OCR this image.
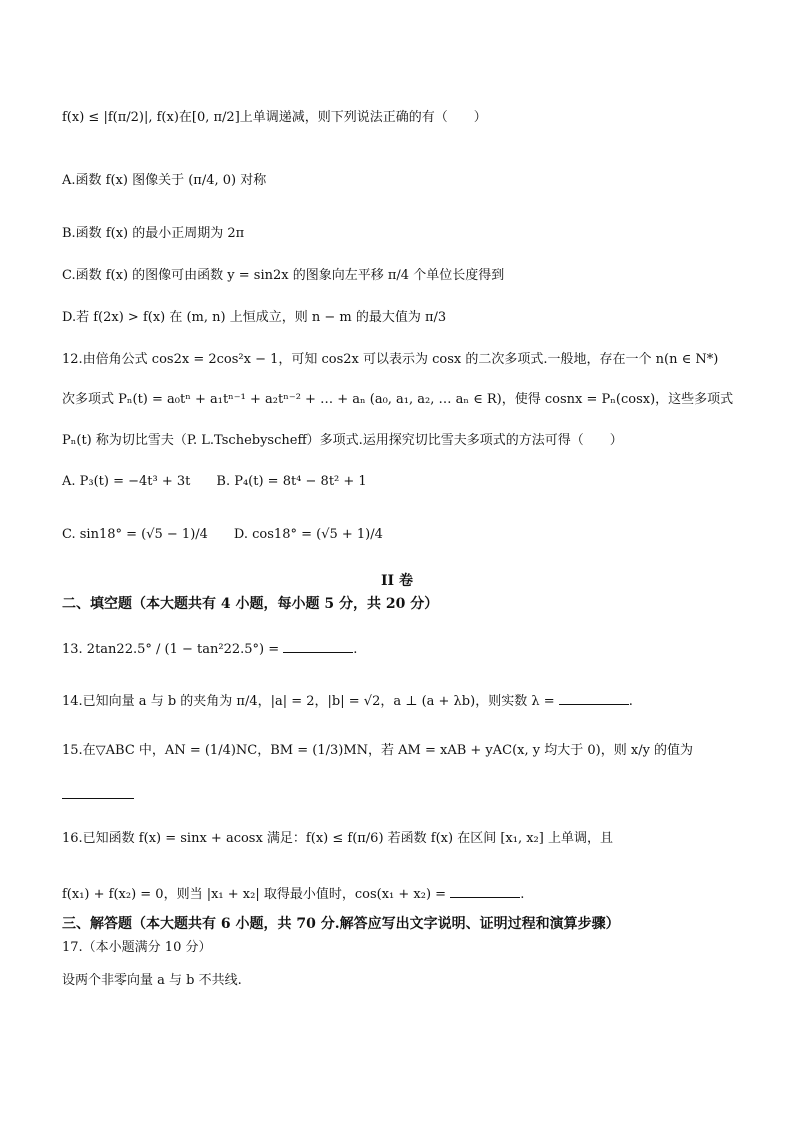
f(x) ≤ |f(π/2)|, f(x)在[0, π/2]上单调递减，则下列说法正确的有（　　）
A.函数 f(x) 图像关于 (π/4, 0) 对称
B.函数 f(x) 的最小正周期为 2π
C.函数 f(x) 的图像可由函数 y = sin2x 的图象向左平移 π/4 个单位长度得到
D.若 f(2x) > f(x) 在 (m, n) 上恒成立，则 n − m 的最大值为 π/3
12.由倍角公式 cos2x = 2cos²x − 1，可知 cos2x 可以表示为 cosx 的二次多项式.一般地，存在一个 n(n ∈ N*)
次多项式 Pₙ(t) = a₀tⁿ + a₁tⁿ⁻¹ + a₂tⁿ⁻² + … + aₙ (a₀, a₁, a₂, … aₙ ∈ R)，使得 cosnx = Pₙ(cosx)，这些多项式
Pₙ(t) 称为切比雪夫（P. L.Tschebyscheff）多项式.运用探究切比雪夫多项式的方法可得（　　）
A. P₃(t) = −4t³ + 3t　　B. P₄(t) = 8t⁴ − 8t² + 1
C. sin18° = (√5 − 1)/4　　D. cos18° = (√5 + 1)/4
II 卷
二、填空题（本大题共有 4 小题，每小题 5 分，共 20 分）
13. 2tan22.5° / (1 − tan²22.5°) =	.
14.已知向量 a 与 b 的夹角为 π/4，|a| = 2，|b| = √2，a ⊥ (a + λb)，则实数 λ =	.
15.在▽ABC 中，AN = (1/4)NC，BM = (1/3)MN，若 AM = xAB + yAC(x, y 均大于 0)，则 x/y 的值为
16.已知函数 f(x) = sinx + acosx 满足：f(x) ≤ f(π/6) 若函数 f(x) 在区间 [x₁, x₂] 上单调，且
f(x₁) + f(x₂) = 0，则当 |x₁ + x₂| 取得最小值时，cos(x₁ + x₂) =	.
三、解答题（本大题共有 6 小题，共 70 分.解答应写出文字说明、证明过程和演算步骤）
17.（本小题满分 10 分）
设两个非零向量 a 与 b 不共线.
